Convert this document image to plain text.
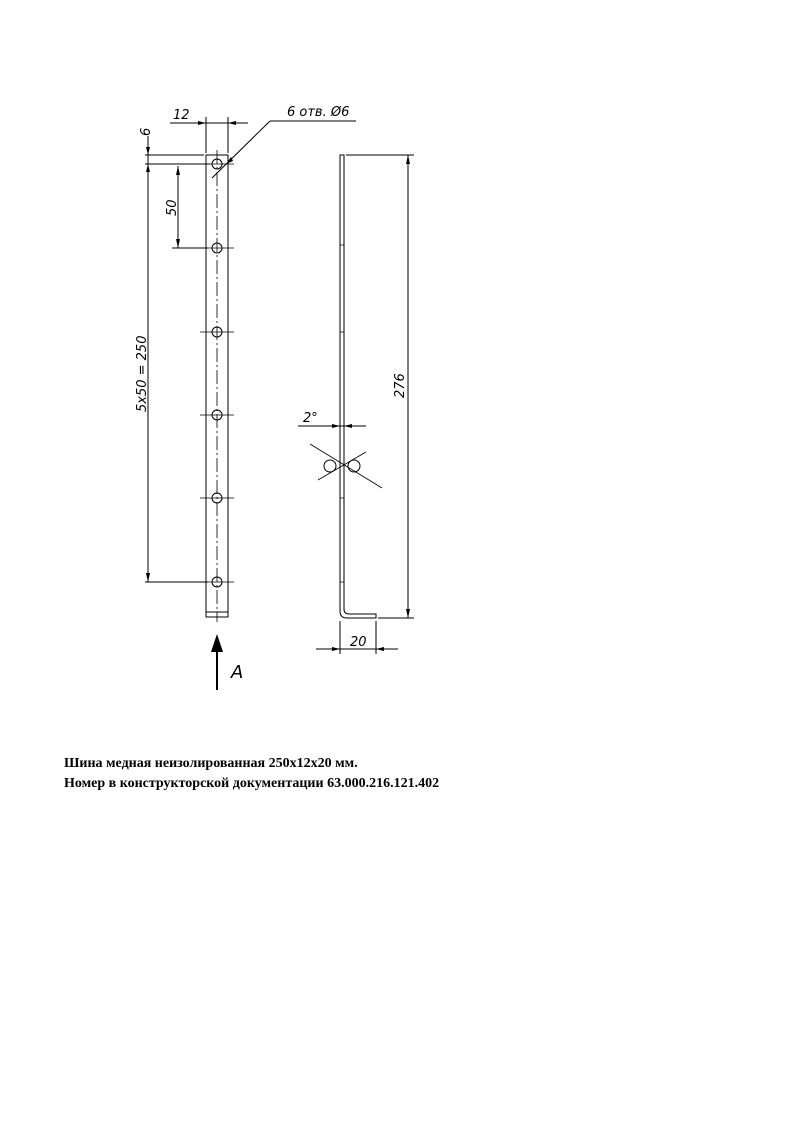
12	6 отв. Ø6
6
50
5x50 = 250	276
2°
20
A
Шина медная неизолированная 250х12х20 мм.
Номер в конструкторской документации 63.000.216.121.402
